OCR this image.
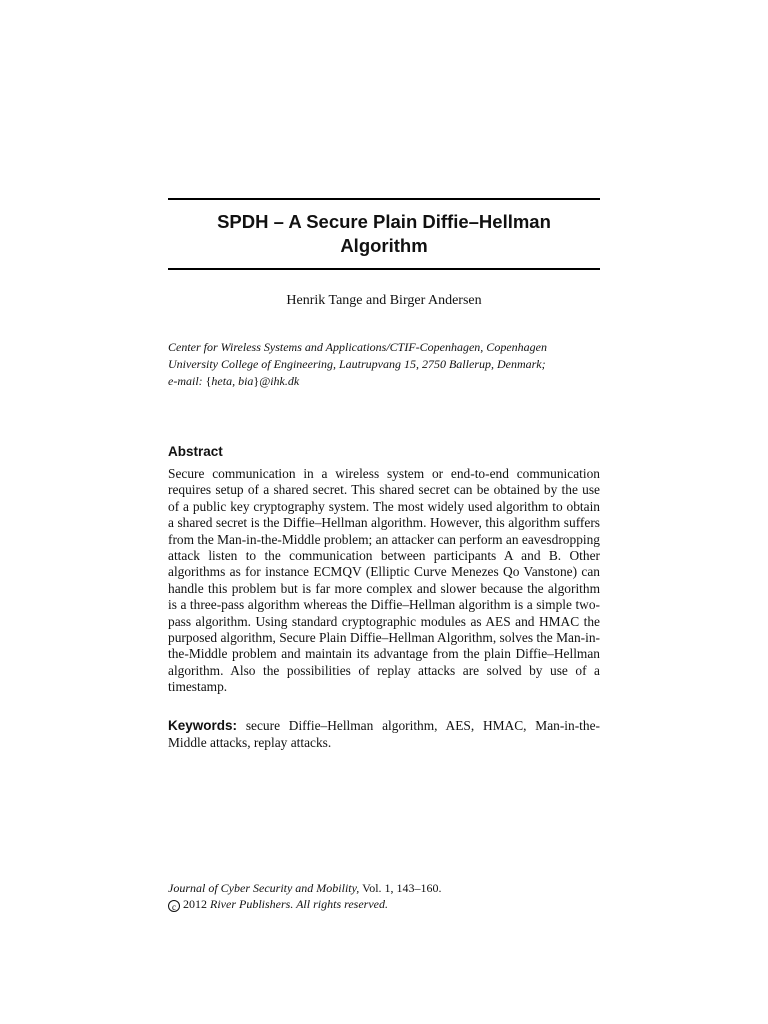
SPDH – A Secure Plain Diffie–Hellman
Algorithm

Henrik Tange and Birger Andersen

Center for Wireless Systems and Applications/CTIF-Copenhagen, Copenhagen
University College of Engineering, Lautrupvang 15, 2750 Ballerup, Denmark;
e-mail: {heta, bia}@ihk.dk

Abstract

Secure communication in a wireless system or end-to-end communication requires setup of a shared secret. This shared secret can be obtained by the use of a public key cryptography system. The most widely used algorithm to obtain a shared secret is the Diffie–Hellman algorithm. However, this algorithm suffers from the Man-in-the-Middle problem; an attacker can perform an eavesdropping attack listen to the communication between participants A and B. Other algorithms as for instance ECMQV (Elliptic Curve Menezes Qo Vanstone) can handle this problem but is far more complex and slower because the algorithm is a three-pass algorithm whereas the Diffie–Hellman algorithm is a simple two-pass algorithm. Using standard cryptographic modules as AES and HMAC the purposed algorithm, Secure Plain Diffie–Hellman Algorithm, solves the Man-in-the-Middle problem and maintain its advantage from the plain Diffie–Hellman algorithm. Also the possibilities of replay attacks are solved by use of a timestamp.

Keywords: secure Diffie–Hellman algorithm, AES, HMAC, Man-in-the-Middle attacks, replay attacks.

Journal of Cyber Security and Mobility, Vol. 1, 143–160.
c 2012 River Publishers. All rights reserved.
